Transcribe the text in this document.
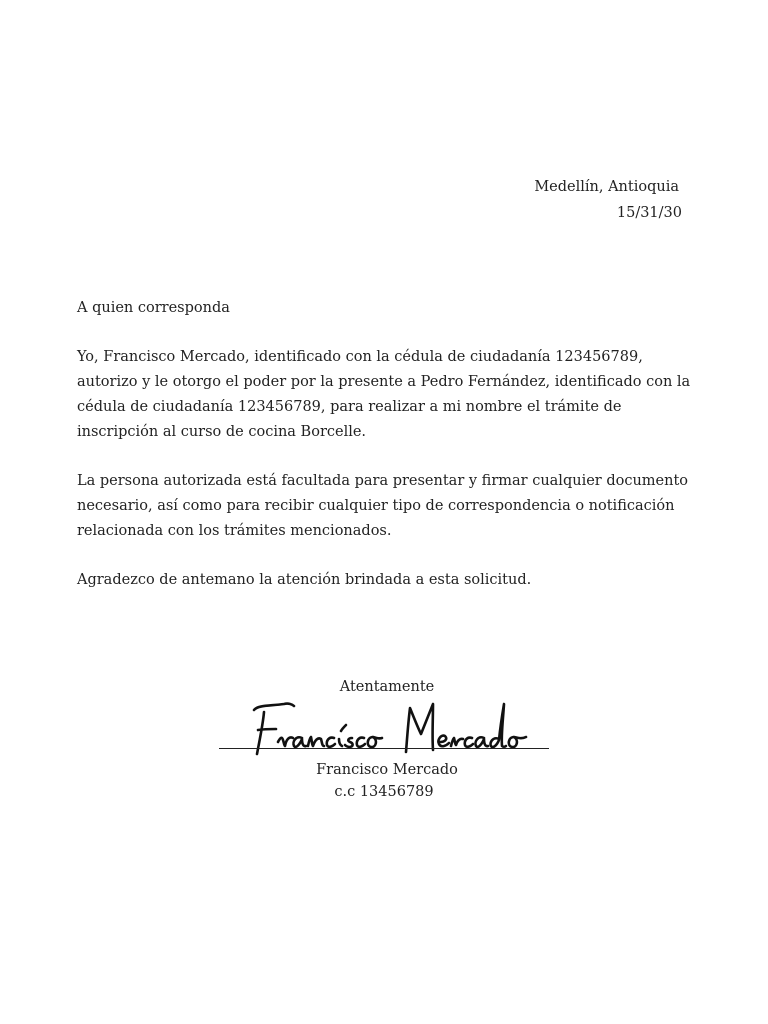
Medellín, Antioquia
15/31/30

A quien corresponda

Yo, Francisco Mercado, identificado con la cédula de ciudadanía 123456789, autorizo y le otorgo el poder por la presente a Pedro Fernández, identificado con la cédula de ciudadanía 123456789, para realizar a mi nombre el trámite de inscripción al curso de cocina Borcelle.

La persona autorizada está facultada para presentar y firmar cualquier documento necesario, así como para recibir cualquier tipo de correspondencia o notificación relacionada con los trámites mencionados.

Agradezco de antemano la atención brindada a esta solicitud.

Atentamente
Francisco Mercado
c.c 13456789
